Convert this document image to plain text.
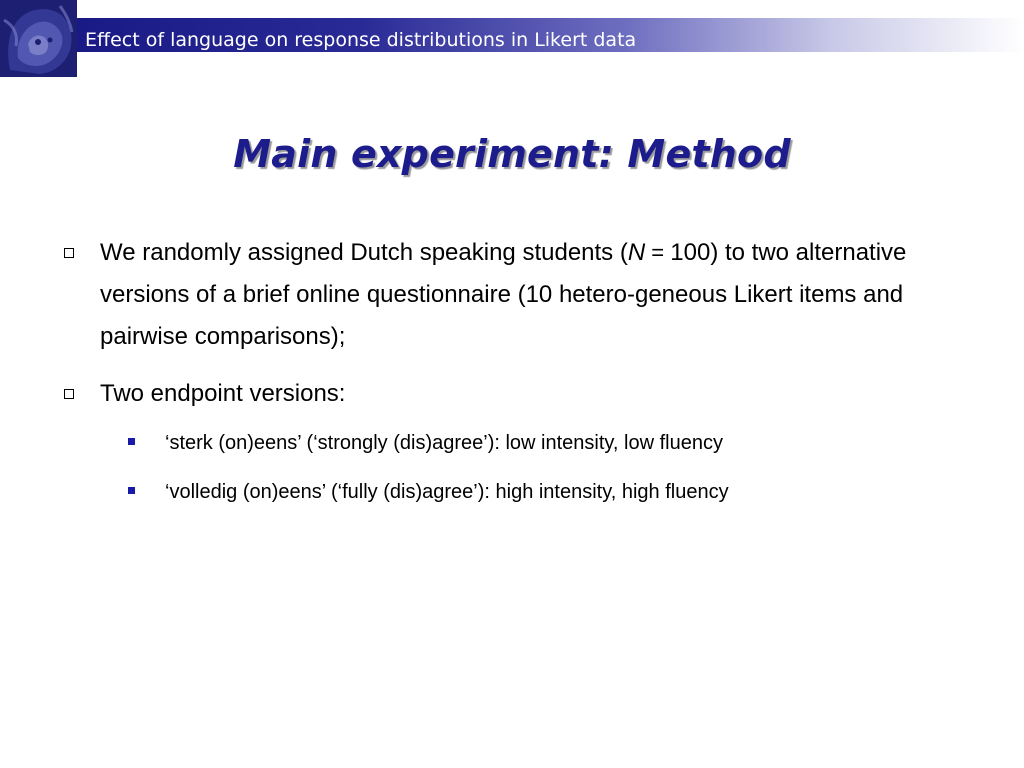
Effect of language on response distributions in Likert data
Main experiment: Method
We randomly assigned Dutch speaking students (N = 100) to two alternative versions of a brief online questionnaire (10 hetero-geneous Likert items and pairwise comparisons);
Two endpoint versions:
‘sterk (on)eens’ (‘strongly (dis)agree’): low intensity, low fluency
‘volledig (on)eens’ (‘fully (dis)agree’): high intensity, high fluency
